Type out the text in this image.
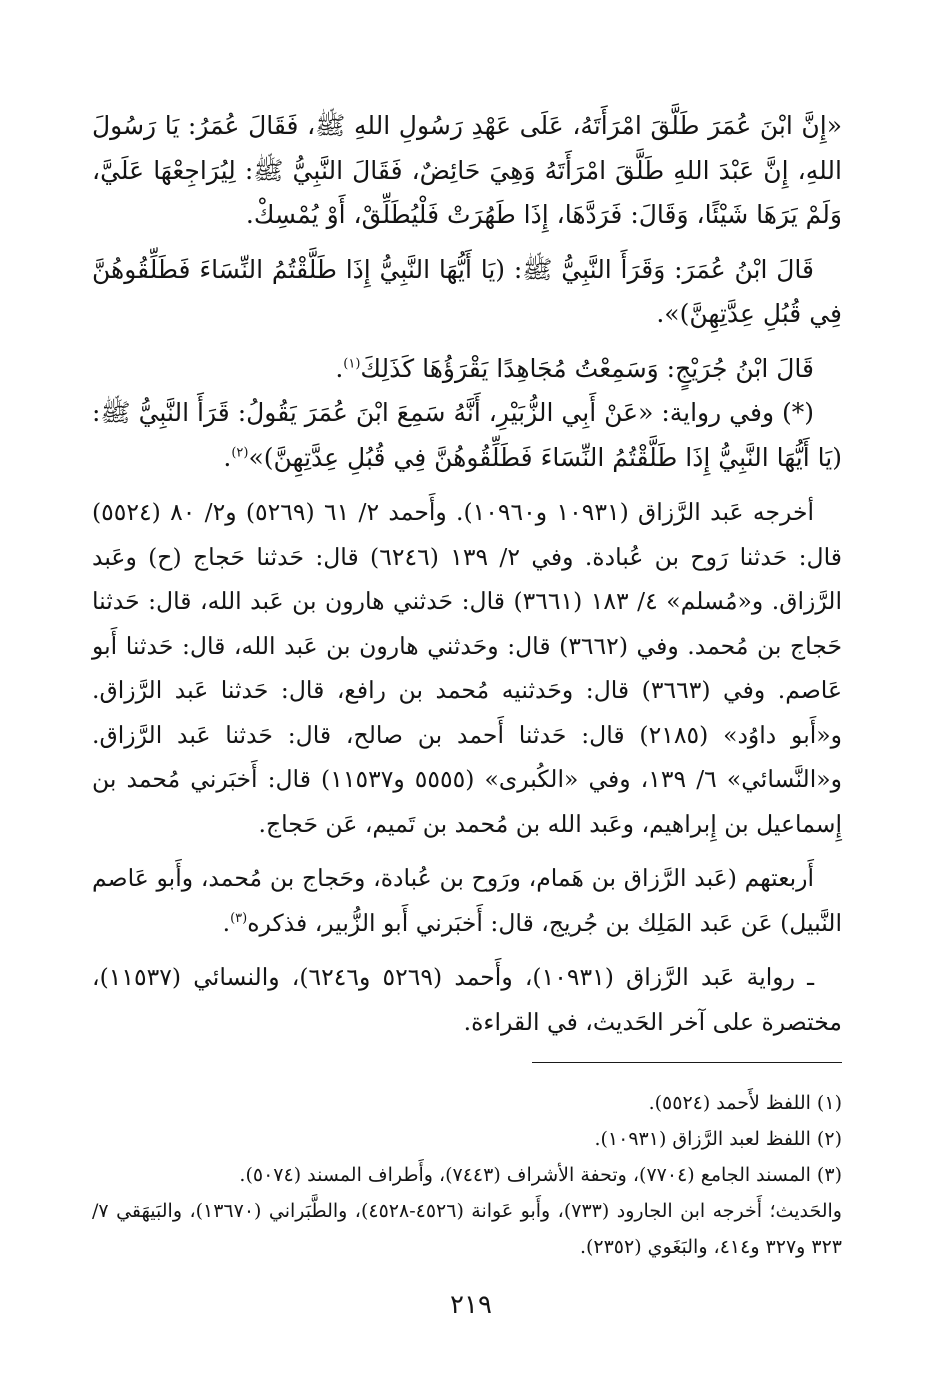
«إِنَّ ابْنَ عُمَرَ طَلَّقَ امْرَأَتَهُ، عَلَى عَهْدِ رَسُولِ اللهِ ﷺ، فَقَالَ عُمَرُ: يَا رَسُولَ اللهِ، إِنَّ عَبْدَ اللهِ طَلَّقَ امْرَأَتَهُ وَهِيَ حَائِضٌ، فَقَالَ النَّبِيُّ ﷺ: لِيُرَاجِعْهَا عَلَيَّ، وَلَمْ يَرَهَا شَيْئًا، وَقَالَ: فَرَدَّهَا، إِذَا طَهُرَتْ فَلْيُطَلِّقْ، أَوْ يُمْسِكْ.

قَالَ ابْنُ عُمَرَ: وَقَرَأَ النَّبِيُّ ﷺ: (يَا أَيُّهَا النَّبِيُّ إِذَا طَلَّقْتُمُ النِّسَاءَ فَطَلِّقُوهُنَّ فِي قُبُلِ عِدَّتِهِنَّ)».

قَالَ ابْنُ جُرَيْجٍ: وَسَمِعْتُ مُجَاهِدًا يَقْرَؤُهَا كَذَلِكَ$^{(١)}$.

(*) وفي رواية: «عَنْ أَبِي الزُّبَيْرِ، أَنَّهُ سَمِعَ ابْنَ عُمَرَ يَقُولُ: قَرَأَ النَّبِيُّ ﷺ: (يَا أَيُّهَا النَّبِيُّ إِذَا طَلَّقْتُمُ النِّسَاءَ فَطَلِّقُوهُنَّ فِي قُبُلِ عِدَّتِهِنَّ)»$^{(٢)}$.

أخرجه عَبد الرَّزاق (١٠٩٣١ و١٠٩٦٠). وأَحمد ٢/ ٦١ (٥٢٦٩) و٢/ ٨٠ (٥٥٢٤) قال: حَدثنا رَوح بن عُبادة. وفي ٢/ ١٣٩ (٦٢٤٦) قال: حَدثنا حَجاج (ح) وعَبد الرَّزاق. و«مُسلم» ٤/ ١٨٣ (٣٦٦١) قال: حَدثني هارون بن عَبد الله، قال: حَدثنا حَجاج بن مُحمد. وفي (٣٦٦٢) قال: وحَدثني هارون بن عَبد الله، قال: حَدثنا أَبو عَاصم. وفي (٣٦٦٣) قال: وحَدثنيه مُحمد بن رافع، قال: حَدثنا عَبد الرَّزاق. و«أَبو داوُد» (٢١٨٥) قال: حَدثنا أَحمد بن صالح، قال: حَدثنا عَبد الرَّزاق. و«النَّسائي» ٦/ ١٣٩، وفي «الكُبرى» (٥٥٥٥ و١١٥٣٧) قال: أَخبَرني مُحمد بن إِسماعيل بن إِبراهيم، وعَبد الله بن مُحمد بن تَميم، عَن حَجاج.

أَربعتهم (عَبد الرَّزاق بن هَمام، ورَوح بن عُبادة، وحَجاج بن مُحمد، وأَبو عَاصم النَّبيل) عَن عَبد المَلِك بن جُريج، قال: أَخبَرني أَبو الزُّبير، فذكره$^{(٣)}$.

ـ رواية عَبد الرَّزاق (١٠٩٣١)، وأَحمد (٥٢٦٩ و٦٢٤٦)، والنسائي (١١٥٣٧)، مختصرة على آخر الحَديث، في القراءة.

(١) اللفظ لأَحمد (٥٥٢٤).

(٢) اللفظ لعبد الرَّزاق (١٠٩٣١).

(٣) المسند الجامع (٧٧٠٤)، وتحفة الأشراف (٧٤٤٣)، وأَطراف المسند (٥٠٧٤).

والحَديث؛ أَخرجه ابن الجارود (٧٣٣)، وأَبو عَوانة (٤٥٢٦-٤٥٢٨)، والطَّبَراني (١٣٦٧٠)، والبَيهَقي ٧/ ٣٢٣ و٣٢٧ و٤١٤، والبَغَوي (٢٣٥٢).

٢١٩
